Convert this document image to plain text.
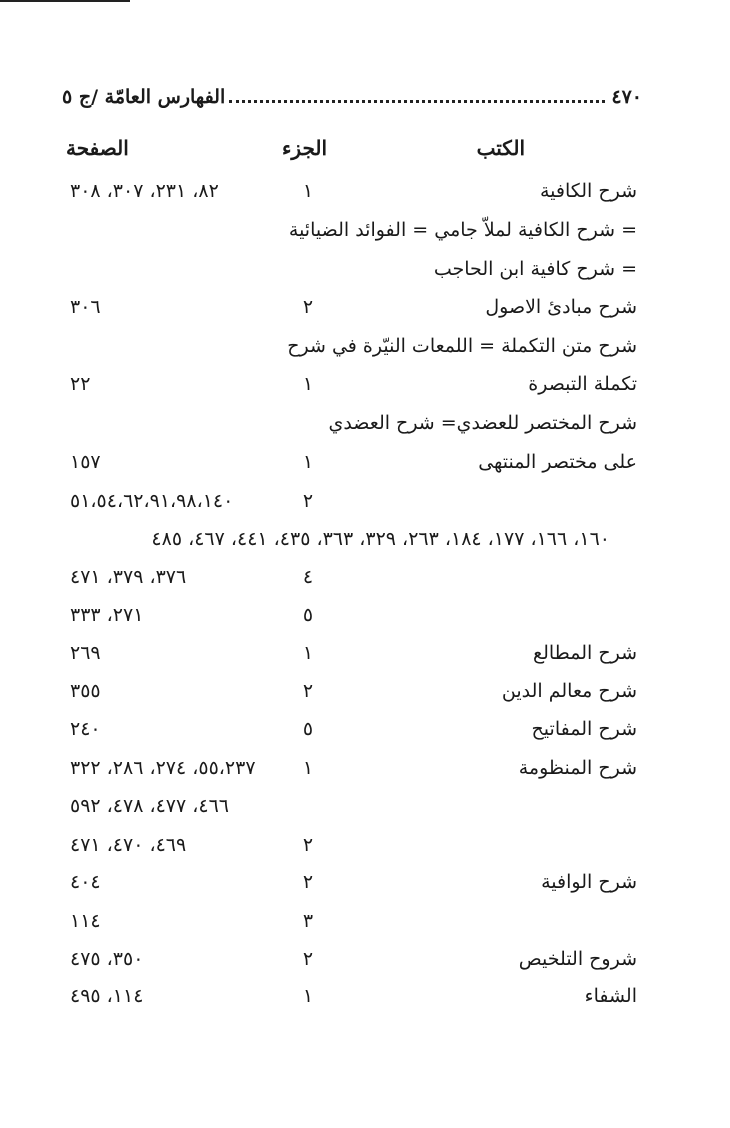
٤٧٠
الفهارس العامّة /ج ٥
الكتب
الجزء
الصفحة
شرح الكافية
١
٨٢، ٢٣١، ٣٠٧، ٣٠٨
= شرح الكافية لملاّ جامي = الفوائد الضيائية
= شرح كافية ابن الحاجب
شرح مبادئ الاصول
٢
٣٠٦
شرح متن التكملة = اللمعات النيّرة في شرح
تكملة التبصرة
١
٢٢
شرح المختصر للعضدي= شرح العضدي
على مختصر المنتهى
١
١٥٧
٢
٥١،٥٤،٦٢،٩١،٩٨،١٤٠
١٦٠، ١٦٦، ١٧٧، ١٨٤، ٢٦٣، ٣٢٩، ٣٦٣، ٤٣٥، ٤٤١، ٤٦٧، ٤٨٥
٤
٣٧٦، ٣٧٩، ٤٧١
٥
٢٧١، ٣٣٣
شرح المطالع
١
٢٦٩
شرح معالم الدين
٢
٣٥٥
شرح المفاتيح
٥
٢٤٠
شرح المنظومة
١
٥٥،٢٣٧، ٢٧٤، ٢٨٦، ٣٢٢
٤٦٦، ٤٧٧، ٤٧٨، ٥٩٢
٢
٤٦٩، ٤٧٠، ٤٧١
شرح الوافية
٢
٤٠٤
٣
١١٤
شروح التلخيص
٢
٣٥٠، ٤٧٥
الشفاء
١
١١٤، ٤٩٥
